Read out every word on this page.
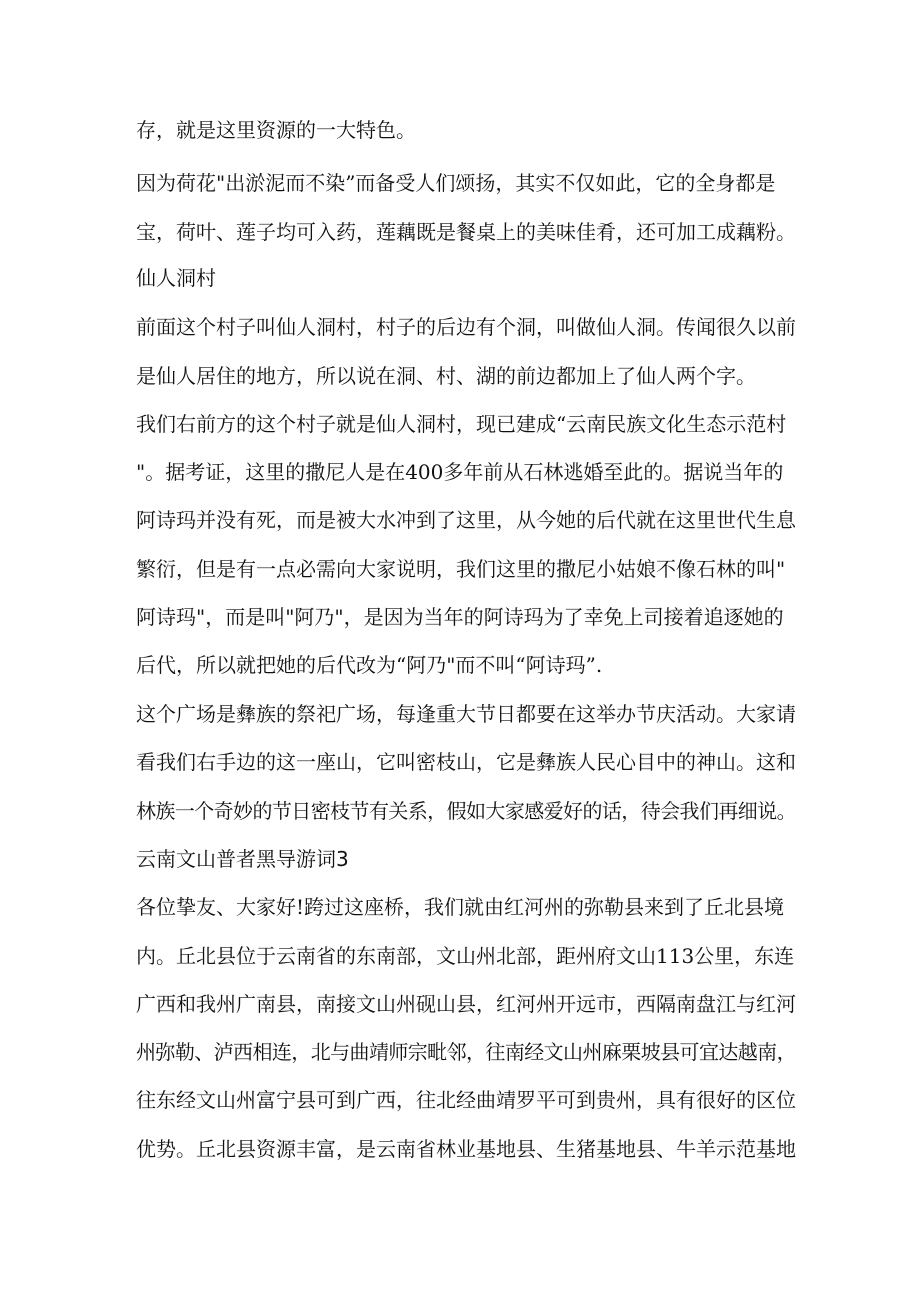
存，就是这里资源的一大特色。
因为荷花"出淤泥而不染”而备受人们颂扬，其实不仅如此，它的全身都是
宝，荷叶、莲子均可入药，莲藕既是餐桌上的美味佳肴，还可加工成藕粉。
仙人洞村
前面这个村子叫仙人洞村，村子的后边有个洞，叫做仙人洞。传闻很久以前
是仙人居住的地方，所以说在洞、村、湖的前边都加上了仙人两个字。
我们右前方的这个村子就是仙人洞村，现已建成“云南民族文化生态示范村
"。据考证，这里的撒尼人是在400多年前从石林逃婚至此的。据说当年的
阿诗玛并没有死，而是被大水冲到了这里，从今她的后代就在这里世代生息
繁衍，但是有一点必需向大家说明，我们这里的撒尼小姑娘不像石林的叫"
阿诗玛"，而是叫"阿乃"，是因为当年的阿诗玛为了幸免上司接着追逐她的
后代，所以就把她的后代改为“阿乃"而不叫“阿诗玛”.
这个广场是彝族的祭祀广场，每逢重大节日都要在这举办节庆活动。大家请
看我们右手边的这一座山，它叫密枝山，它是彝族人民心目中的神山。这和
林族一个奇妙的节日密枝节有关系，假如大家感爱好的话，待会我们再细说。
云南文山普者黑导游词3
各位挚友、大家好!跨过这座桥，我们就由红河州的弥勒县来到了丘北县境
内。丘北县位于云南省的东南部，文山州北部，距州府文山113公里，东连
广西和我州广南县，南接文山州砚山县，红河州开远市，西隔南盘江与红河
州弥勒、泸西相连，北与曲靖师宗毗邻，往南经文山州麻栗坡县可宜达越南，
往东经文山州富宁县可到广西，往北经曲靖罗平可到贵州，具有很好的区位
优势。丘北县资源丰富，是云南省林业基地县、生猪基地县、牛羊示范基地
